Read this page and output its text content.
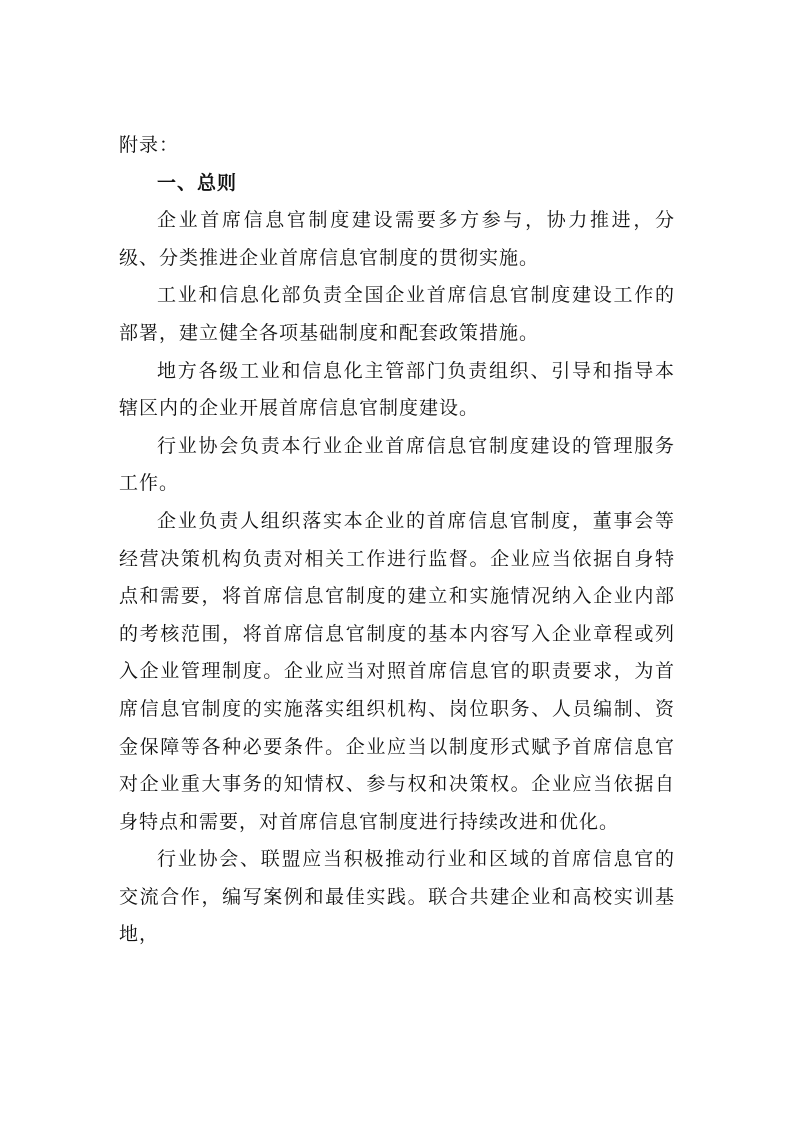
附录：

一、总则

企业首席信息官制度建设需要多方参与，协力推进，分级、分类推进企业首席信息官制度的贯彻实施。

工业和信息化部负责全国企业首席信息官制度建设工作的部署，建立健全各项基础制度和配套政策措施。

地方各级工业和信息化主管部门负责组织、引导和指导本辖区内的企业开展首席信息官制度建设。

行业协会负责本行业企业首席信息官制度建设的管理服务工作。

企业负责人组织落实本企业的首席信息官制度，董事会等经营决策机构负责对相关工作进行监督。企业应当依据自身特点和需要，将首席信息官制度的建立和实施情况纳入企业内部的考核范围，将首席信息官制度的基本内容写入企业章程或列入企业管理制度。企业应当对照首席信息官的职责要求，为首席信息官制度的实施落实组织机构、岗位职务、人员编制、资金保障等各种必要条件。企业应当以制度形式赋予首席信息官对企业重大事务的知情权、参与权和决策权。企业应当依据自身特点和需要，对首席信息官制度进行持续改进和优化。

行业协会、联盟应当积极推动行业和区域的首席信息官的交流合作，编写案例和最佳实践。联合共建企业和高校实训基地，
